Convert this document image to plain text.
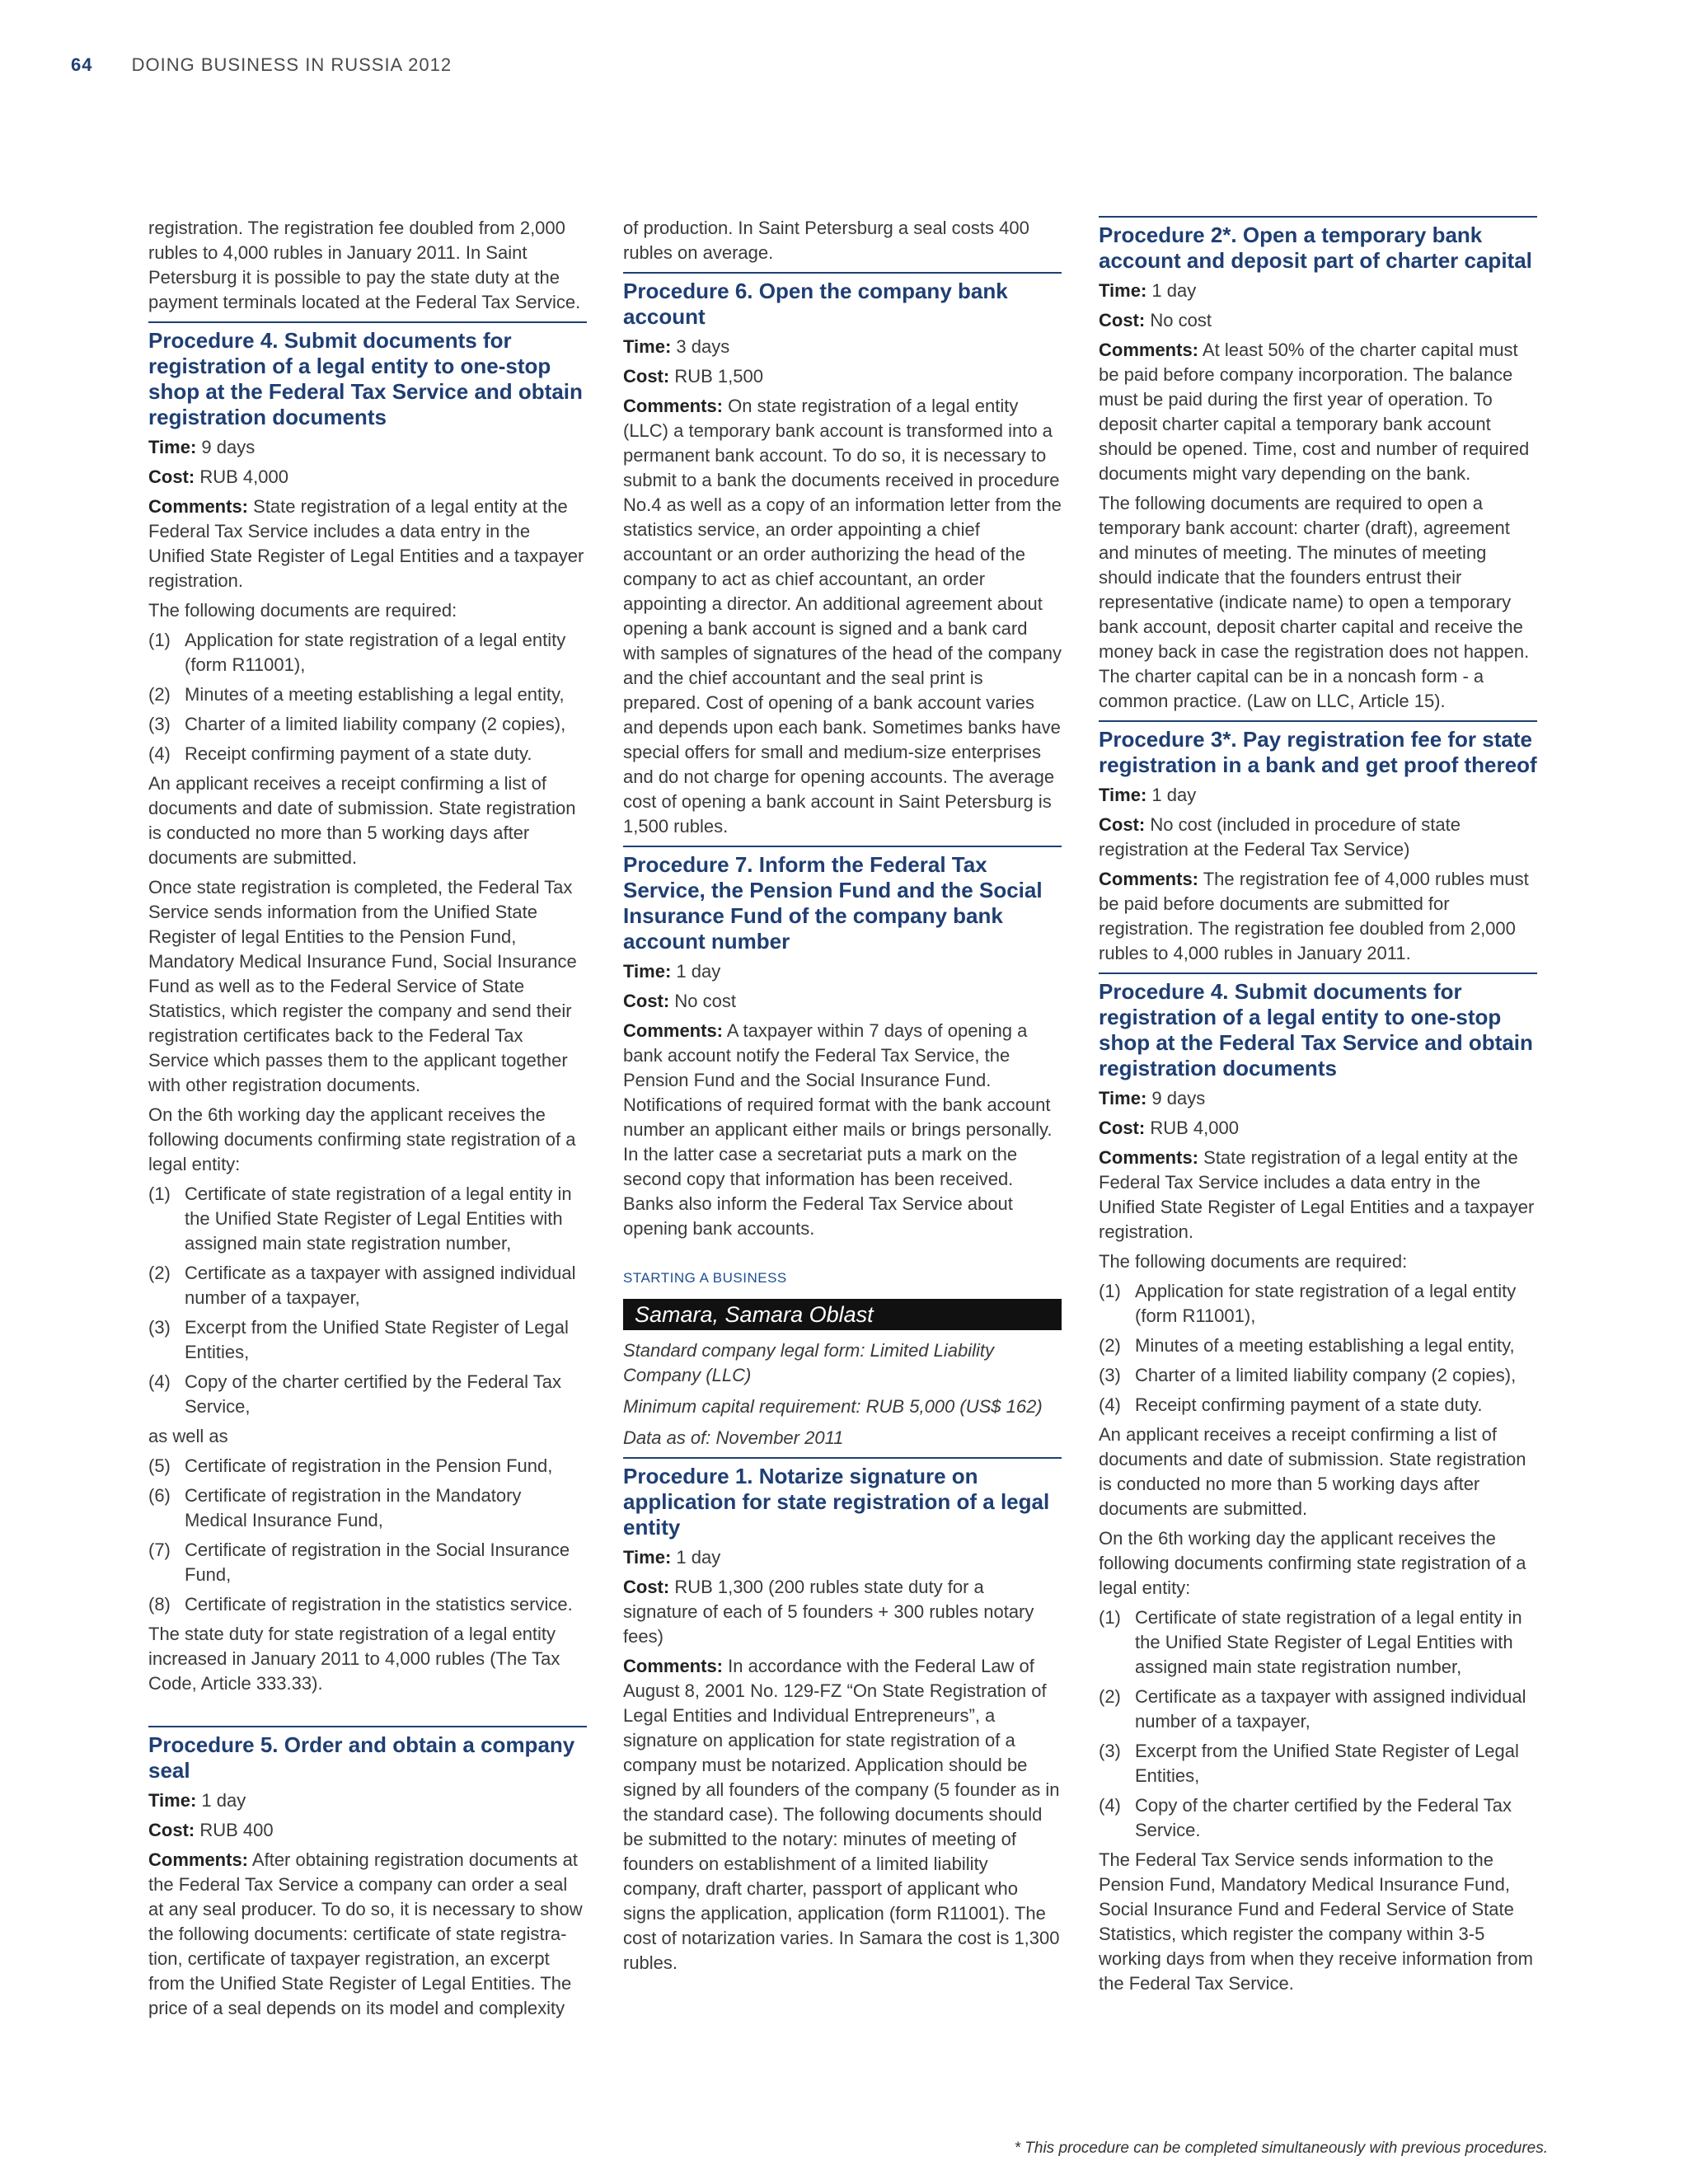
64 DOING BUSINESS IN RUSSIA 2012

registration. The registration fee doubled from 2,000 rubles to 4,000 rubles in January 2011. In Saint Petersburg it is possible to pay the state duty at the payment terminals located at the Federal Tax Service.

Procedure 4. Submit documents for registration of a legal entity to one-stop shop at the Federal Tax Service and obtain registration documents

Time: 9 days

Cost: RUB 4,000

Comments: State registration of a legal entity at the Federal Tax Service includes a data entry in the Unified State Register of Legal Entities and a taxpayer registration.

The following documents are required:

(1) Application for state registration of a legal entity (form R11001),
(2) Minutes of a meeting establishing a legal entity,
(3) Charter of a limited liability company (2 copies),
(4) Receipt confirming payment of a state duty.

An applicant receives a receipt confirming a list of documents and date of submission. State registration is conducted no more than 5 working days after documents are submitted.

Once state registration is completed, the Federal Tax Service sends information from the Unified State Register of legal Entities to the Pension Fund, Mandatory Medical Insurance Fund, Social Insurance Fund as well as to the Federal Service of State Statistics, which register the company and send their registration certificates back to the Federal Tax Service which passes them to the applicant together with other registration documents.

On the 6th working day the applicant receives the following documents confirming state registration of a legal entity:

(1) Certificate of state registration of a legal entity in the Unified State Register of Legal Entities with assigned main state registration number,
(2) Certificate as a taxpayer with assigned individual number of a taxpayer,
(3) Excerpt from the Unified State Register of Legal Entities,
(4) Copy of the charter certified by the Federal Tax Service,

as well as

(5) Certificate of registration in the Pension Fund,
(6) Certificate of registration in the Mandatory Medical Insurance Fund,
(7) Certificate of registration in the Social Insurance Fund,
(8) Certificate of registration in the statistics service.

The state duty for state registration of a legal entity increased in January 2011 to 4,000 rubles (The Tax Code, Article 333.33).

Procedure 5. Order and obtain a company seal

Time: 1 day

Cost: RUB 400

Comments: After obtaining registration documents at the Federal Tax Service a company can order a seal at any seal producer. To do so, it is necessary to show the following documents: certificate of state registra-tion, certificate of taxpayer registration, an excerpt from the Unified State Register of Legal Entities. The price of a seal depends on its model and complexity

of production. In Saint Petersburg a seal costs 400 rubles on average.

Procedure 6. Open the company bank account

Time: 3 days

Cost: RUB 1,500

Comments: On state registration of a legal entity (LLC) a temporary bank account is transformed into a permanent bank account. To do so, it is necessary to submit to a bank the documents received in procedure No.4 as well as a copy of an information letter from the statistics service, an order appointing a chief accountant or an order authorizing the head of the company to act as chief accountant, an order appointing a director. An additional agreement about opening a bank account is signed and a bank card with samples of signatures of the head of the company and the chief accountant and the seal print is prepared. Cost of opening of a bank account varies and depends upon each bank. Sometimes banks have special offers for small and medium-size enterprises and do not charge for opening accounts. The average cost of opening a bank account in Saint Petersburg is 1,500 rubles.

Procedure 7. Inform the Federal Tax Service, the Pension Fund and the Social Insurance Fund of the company bank account number

Time: 1 day

Cost: No cost

Comments: A taxpayer within 7 days of opening a bank account notify the Federal Tax Service, the Pension Fund and the Social Insurance Fund. Notifications of required format with the bank account number an applicant either mails or brings personally. In the latter case a secretariat puts a mark on the second copy that information has been received. Banks also inform the Federal Tax Service about opening bank accounts.

STARTING A BUSINESS
Samara, Samara Oblast

Standard company legal form: Limited Liability Company (LLC)

Minimum capital requirement: RUB 5,000 (US$ 162)

Data as of: November 2011

Procedure 1. Notarize signature on application for state registration of a legal entity

Time: 1 day

Cost: RUB 1,300 (200 rubles state duty for a signature of each of 5 founders + 300 rubles notary fees)

Comments: In accordance with the Federal Law of August 8, 2001 No. 129-FZ “On State Registration of Legal Entities and Individual Entrepreneurs”, a signature on application for state registration of a company must be notarized. Application should be signed by all founders of the company (5 founder as in the standard case). The following documents should be submitted to the notary: minutes of meeting of founders on establishment of a limited liability company, draft charter, passport of applicant who signs the application, application (form R11001). The cost of notarization varies. In Samara the cost is 1,300 rubles.

Procedure 2*. Open a temporary bank account and deposit part of charter capital

Time: 1 day

Cost: No cost

Comments: At least 50% of the charter capital must be paid before company incorporation. The balance must be paid during the first year of operation. To deposit charter capital a temporary bank account should be opened. Time, cost and number of required documents might vary depending on the bank.

The following documents are required to open a temporary bank account: charter (draft), agreement and minutes of meeting. The minutes of meeting should indicate that the founders entrust their representative (indicate name) to open a temporary bank account, deposit charter capital and receive the money back in case the registration does not happen. The charter capital can be in a noncash form - a common practice. (Law on LLC, Article 15).

Procedure 3*. Pay registration fee for state registration in a bank and get proof thereof

Time: 1 day

Cost: No cost (included in procedure of state registration at the Federal Tax Service)

Comments: The registration fee of 4,000 rubles must be paid before documents are submitted for registration. The registration fee doubled from 2,000 rubles to 4,000 rubles in January 2011.

Procedure 4. Submit documents for registration of a legal entity to one-stop shop at the Federal Tax Service and obtain registration documents

Time: 9 days

Cost: RUB 4,000

Comments: State registration of a legal entity at the Federal Tax Service includes a data entry in the Unified State Register of Legal Entities and a taxpayer registration.

The following documents are required:

(1) Application for state registration of a legal entity (form R11001),
(2) Minutes of a meeting establishing a legal entity,
(3) Charter of a limited liability company (2 copies),
(4) Receipt confirming payment of a state duty.

An applicant receives a receipt confirming a list of documents and date of submission. State registration is conducted no more than 5 working days after documents are submitted.

On the 6th working day the applicant receives the following documents confirming state registration of a legal entity:

(1) Certificate of state registration of a legal entity in the Unified State Register of Legal Entities with assigned main state registration number,
(2) Certificate as a taxpayer with assigned individual number of a taxpayer,
(3) Excerpt from the Unified State Register of Legal Entities,
(4) Copy of the charter certified by the Federal Tax Service.

The Federal Tax Service sends information to the Pension Fund, Mandatory Medical Insurance Fund, Social Insurance Fund and Federal Service of State Statistics, which register the company within 3-5 working days from when they receive information from the Federal Tax Service.

* This procedure can be completed simultaneously with previous procedures.
